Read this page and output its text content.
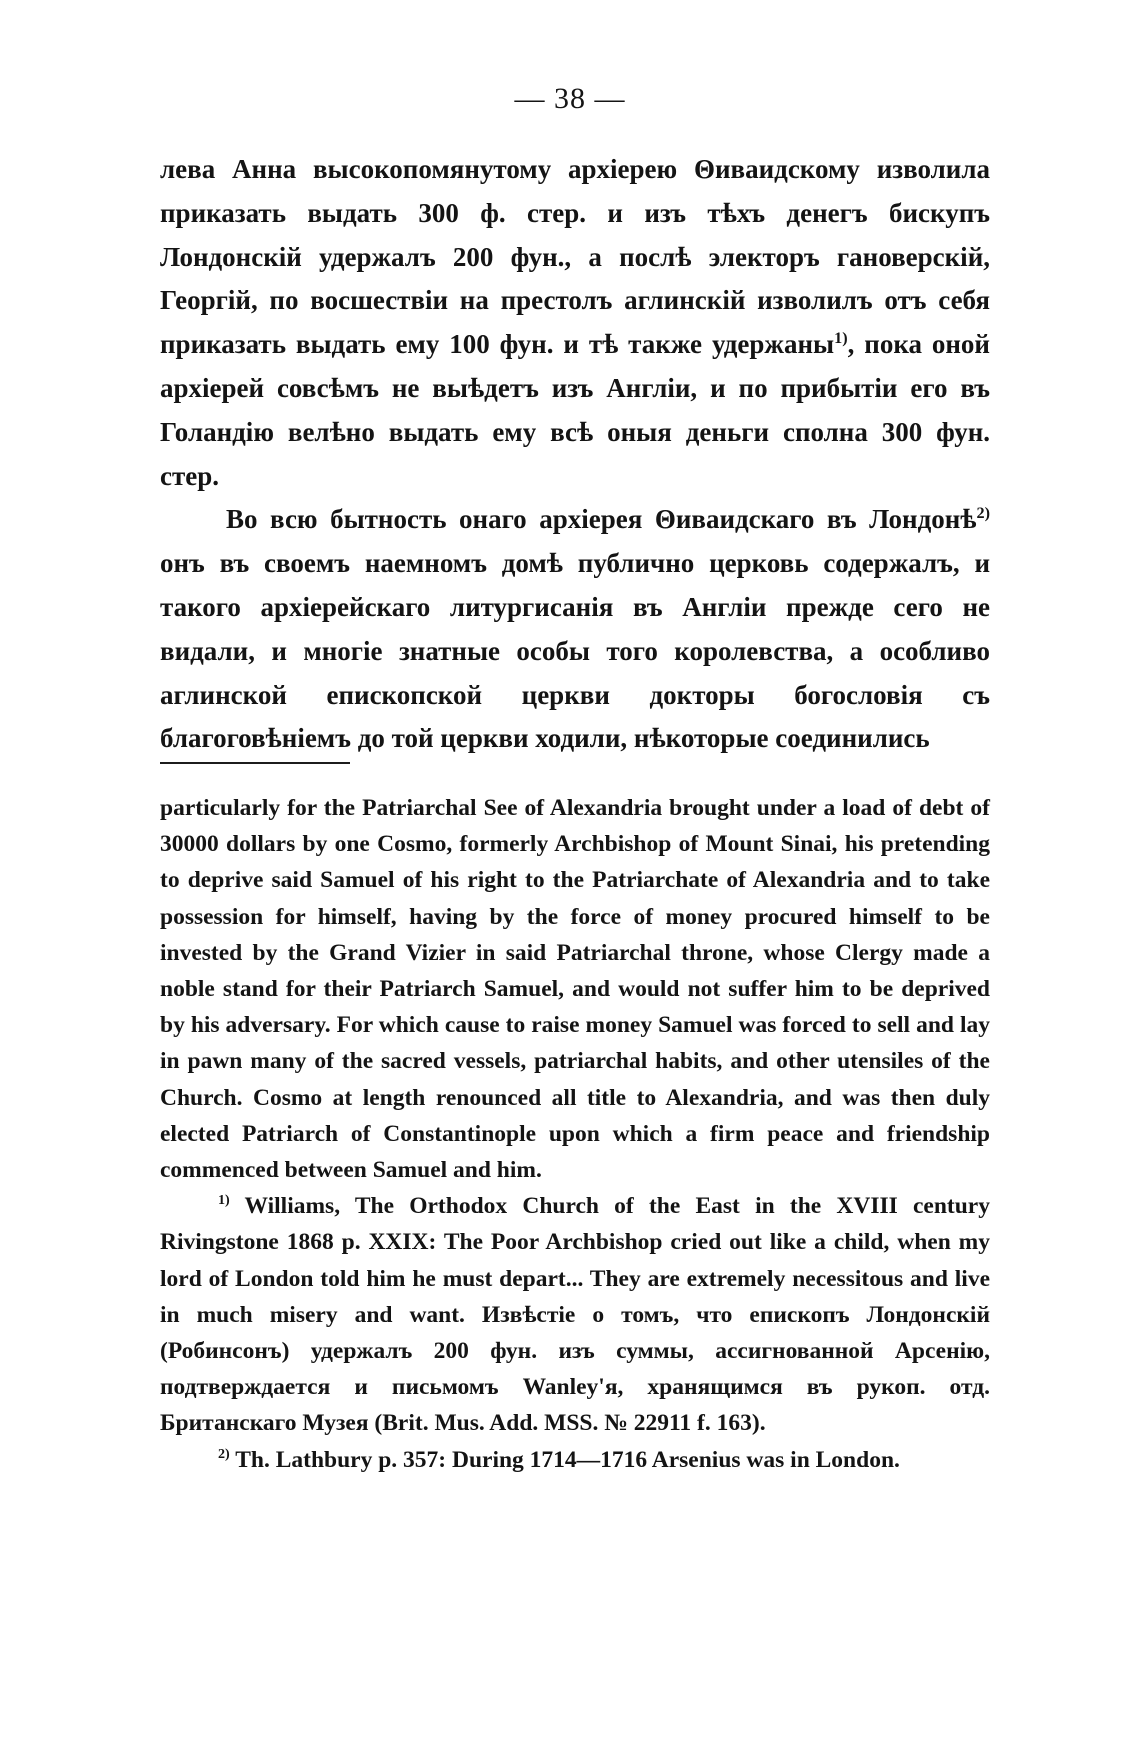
— 38 —

лева Анна высокопомянутому архіерею Θиваидскому изволила приказать выдать 300 ф. стер. и изъ тѣхъ денегъ бискупъ Лондонскій удержалъ 200 фун., а послѣ электоръ гановерскій, Георгій, по восшествіи на престолъ аглинскій изволилъ отъ себя приказать выдать ему 100 фун. и тѣ также удержаны$^{1)}$, пока оной архіерей совсѣмъ не выѣдетъ изъ Англіи, и по прибытіи его въ Голандію велѣно выдать ему всѣ оныя деньги сполна 300 фун. стер.

Во всю бытность онаго архіерея Θиваидскаго въ Лондонѣ$^{2)}$ онъ въ своемъ наемномъ домѣ публично церковь содержалъ, и такого архіерейскаго литургисанія въ Англіи прежде сего не видали, и многіе знатные особы того королевства, а особливо аглинской епископской церкви докторы богословія съ благоговѣніемъ до той церкви ходили, нѣкоторые соединились

particularly for the Patriarchal See of Alexandria brought under a load of debt of 30000 dollars by one Cosmo, formerly Archbishop of Mount Sinai, his pretending to deprive said Samuel of his right to the Patriarchate of Alexandria and to take possession for himself, having by the force of money procured himself to be invested by the Grand Vizier in said Patriarchal throne, whose Clergy made a noble stand for their Patriarch Samuel, and would not suffer him to be deprived by his adversary. For which cause to raise money Samuel was forced to sell and lay in pawn many of the sacred vessels, patriarchal habits, and other utensiles of the Church. Cosmo at length renounced all title to Alexandria, and was then duly elected Patriarch of Constantinople upon which a firm peace and friendship commenced between Samuel and him.

$^{1)}$ Williams, The Orthodox Church of the East in the XVIII century Rivingstone 1868 p. XXIX: The Poor Archbishop cried out like a child, when my lord of London told him he must depart... They are extremely necessitous and live in much misery and want. Извѣстіе о томъ, что епископъ Лондонскій (Робинсонъ) удержалъ 200 фун. изъ суммы, ассигнованной Арсенію, подтверждается и письмомъ Wanley'я, хранящимся въ рукоп. отд. Британскаго Музея (Brit. Mus. Add. MSS. № 22911 f. 163).

$^{2)}$ Th. Lathbury p. 357: During 1714—1716 Arsenius was in London.
